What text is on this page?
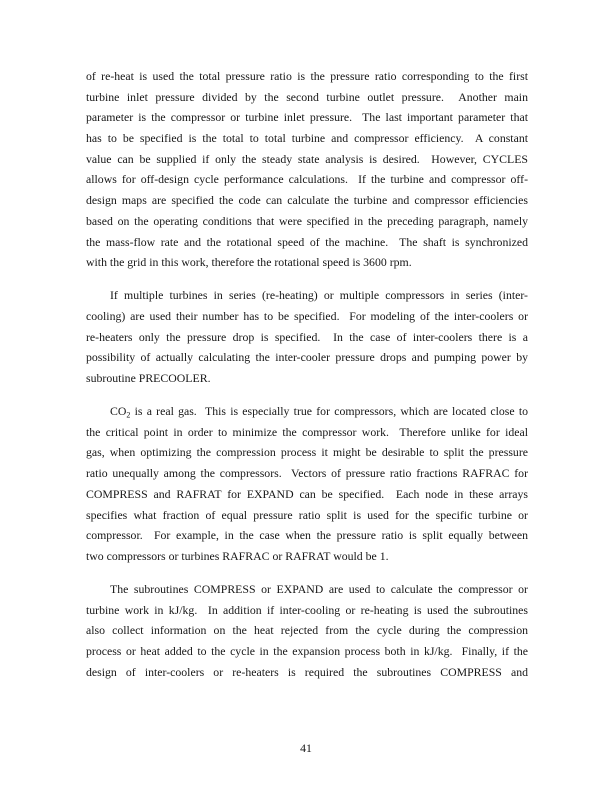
of re-heat is used the total pressure ratio is the pressure ratio corresponding to the first
turbine inlet pressure divided by the second turbine outlet pressure.  Another main
parameter is the compressor or turbine inlet pressure.  The last important parameter that
has to be specified is the total to total turbine and compressor efficiency.  A constant
value can be supplied if only the steady state analysis is desired.  However, CYCLES
allows for off-design cycle performance calculations.  If the turbine and compressor off-
design maps are specified the code can calculate the turbine and compressor efficiencies
based on the operating conditions that were specified in the preceding paragraph, namely
the mass-flow rate and the rotational speed of the machine.  The shaft is synchronized
with the grid in this work, therefore the rotational speed is 3600 rpm.
If multiple turbines in series (re-heating) or multiple compressors in series (inter-
cooling) are used their number has to be specified.  For modeling of the inter-coolers or
re-heaters only the pressure drop is specified.  In the case of inter-coolers there is a
possibility of actually calculating the inter-cooler pressure drops and pumping power by
subroutine PRECOOLER.
$CO_2$ is a real gas.  This is especially true for compressors, which are located close to
the critical point in order to minimize the compressor work.  Therefore unlike for ideal
gas, when optimizing the compression process it might be desirable to split the pressure
ratio unequally among the compressors.  Vectors of pressure ratio fractions RAFRAC for
COMPRESS and RAFRAT for EXPAND can be specified.  Each node in these arrays
specifies what fraction of equal pressure ratio split is used for the specific turbine or
compressor.  For example, in the case when the pressure ratio is split equally between
two compressors or turbines RAFRAC or RAFRAT would be 1.
The subroutines COMPRESS or EXPAND are used to calculate the compressor or
turbine work in kJ/kg.  In addition if inter-cooling or re-heating is used the subroutines
also collect information on the heat rejected from the cycle during the compression
process or heat added to the cycle in the expansion process both in kJ/kg.  Finally, if the
design of inter-coolers or re-heaters is required the subroutines COMPRESS and
41
